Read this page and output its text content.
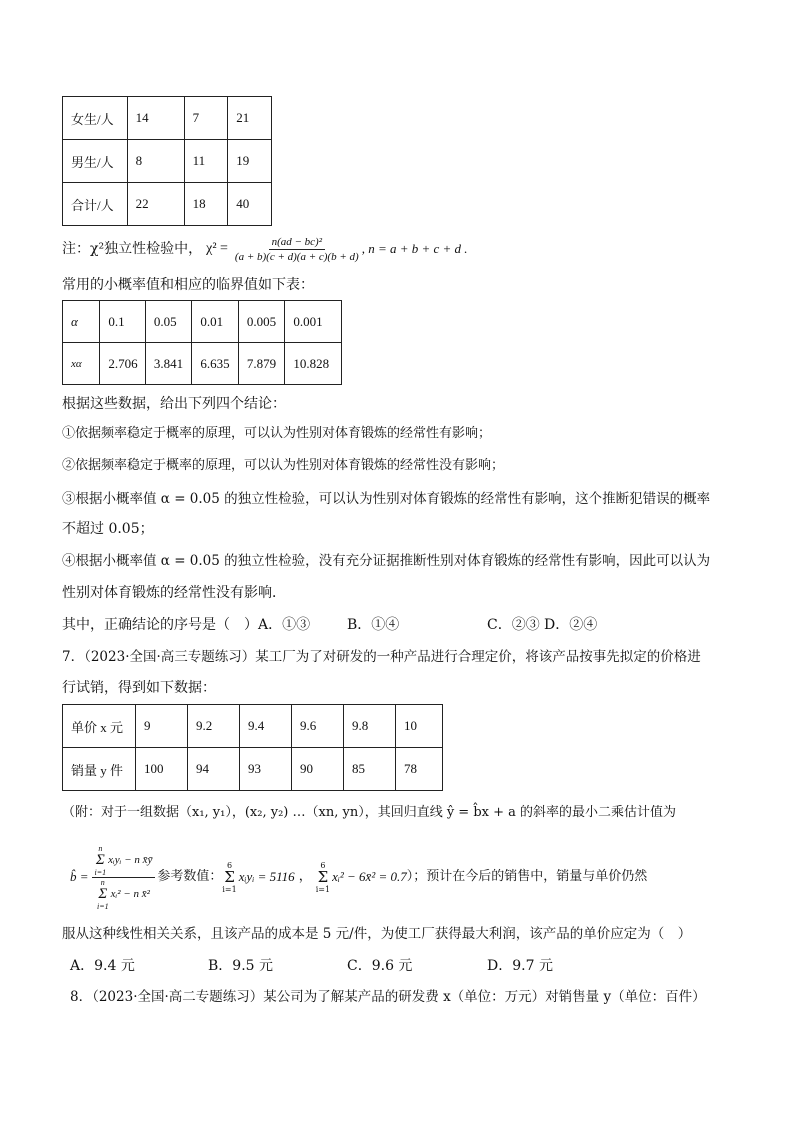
女生/人	14	7	21
男生/人	8	11	19
合计/人	22	18	40
注： χ²独立性检验中， $\chi^2 = \frac{\text{n(ad − bc)²}}{(a + b)(c + d)(a + c)(b + d)}$ , n = a + b + c + d .
常用的小概率值和相应的临界值如下表：
α	0.1	0.05	0.01	0.005	0.001
xα	2.706	3.841	6.635	7.879	10.828
根据这些数据，给出下列四个结论：
①依据频率稳定于概率的原理，可以认为性别对体育锻炼的经常性有影响；
②依据频率稳定于概率的原理，可以认为性别对体育锻炼的经常性没有影响；
③根据小概率值 α = 0.05 的独立性检验，可以认为性别对体育锻炼的经常性有影响，这个推断犯错误的概率
不超过 0.05；
④根据小概率值 α = 0.05 的独立性检验，没有充分证据推断性别对体育锻炼的经常性有影响，因此可以认为
性别对体育锻炼的经常性没有影响．
其中，正确结论的序号是（　）A．①③	B．①④	C．②③ D．②④
7．（2023·全国·高三专题练习）某工厂为了对研发的一种产品进行合理定价，将该产品按事先拟定的价格进
行试销，得到如下数据：
单价 x 元	9	9.2	9.4	9.6	9.8	10
销量 y 件	100	94	93	90	85	78
（附：对于一组数据（x₁, y₁），(x₂, y₂) …（xn, yn），其回归直线 ŷ = b̂x + a 的斜率的最小二乘估计值为
b̂ = n
Σ
i=1
xᵢyᵢ − n x̄ȳ
n
Σ
i=1
xᵢ² − n x̄² 参考数值：
6
Σ
i=1
xᵢyᵢ = 5116 ，
6
Σ
i=1
xᵢ² − 6x̄² = 0.7 ）；预计在今后的销售中，销量与单价仍然
服从这种线性相关关系，且该产品的成本是 5 元/件，为使工厂获得最大利润，该产品的单价应定为（　）
A．9.4 元	B．9.5 元	C．9.6 元	D．9.7 元
8．（2023·全国·高二专题练习）某公司为了解某产品的研发费 x（单位：万元）对销售量 y（单位：百件）
